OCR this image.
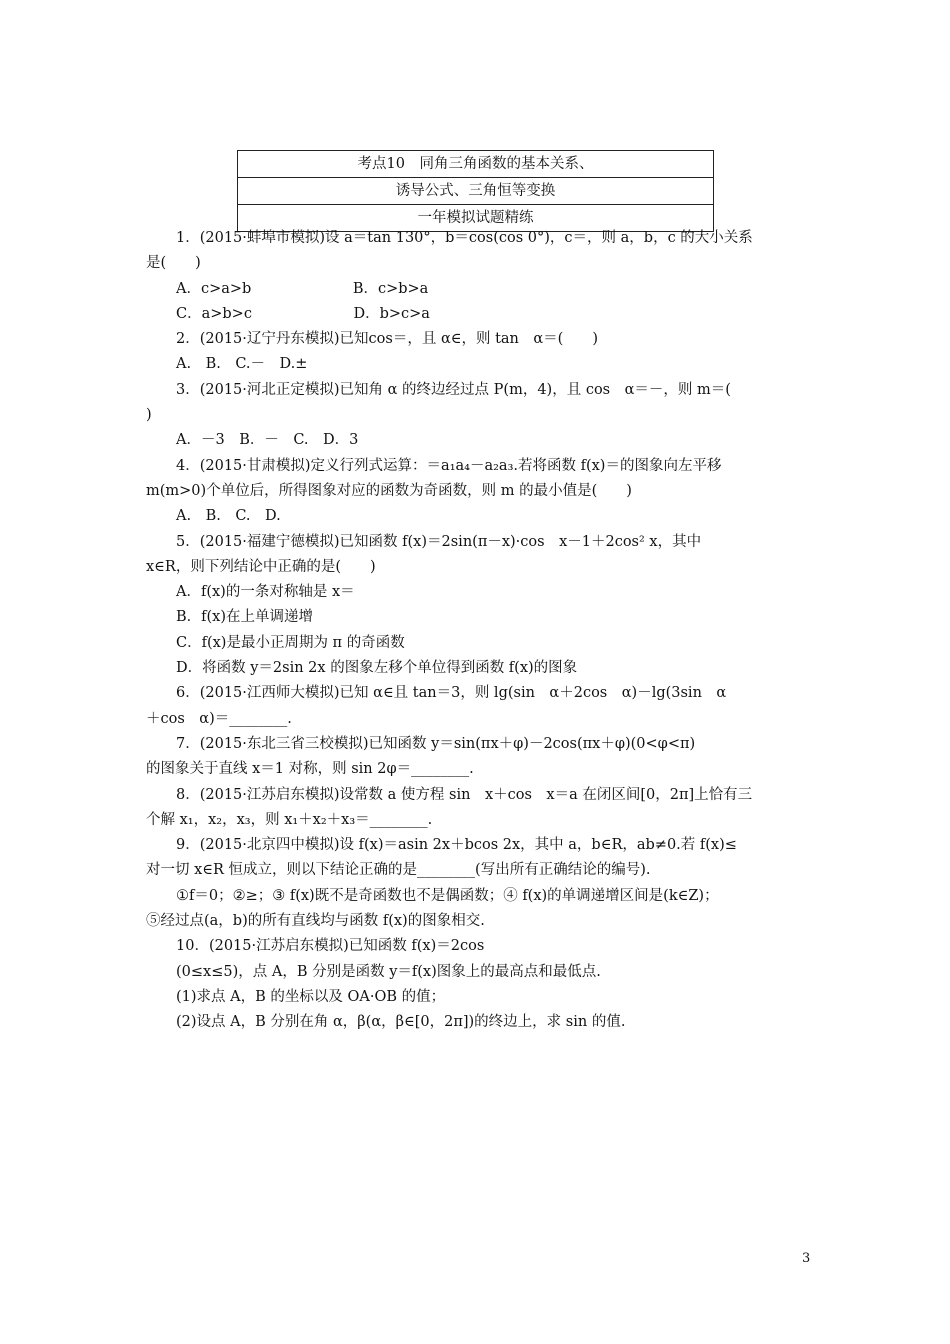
考点10　同角三角函数的基本关系、
诱导公式、三角恒等变换
一年模拟试题精练
1．(2015·蚌埠市模拟)设 a＝tan 130°，b＝cos(cos 0°)，c＝，则 a，b，c 的大小关系
是(　　)
A．c>a>b　　　　　　　B．c>b>a
C．a>b>c　　　　　　　D．b>c>a
2．(2015·辽宁丹东模拟)已知cos＝，且 α∈，则 tan　α＝(　　)
A.　B.　C.－　D.±
3．(2015·河北正定模拟)已知角 α 的终边经过点 P(m，4)，且 cos　α＝－，则 m＝(
)
A．－3　B．－　C.　D．3
4．(2015·甘肃模拟)定义行列式运算：＝a₁a₄－a₂a₃.若将函数 f(x)＝的图象向左平移
m(m>0)个单位后，所得图象对应的函数为奇函数，则 m 的最小值是(　　)
A.　B.　C.　D.
5．(2015·福建宁德模拟)已知函数 f(x)＝2sin(π－x)·cos　x－1＋2cos² x，其中
x∈R，则下列结论中正确的是(　　)
A．f(x)的一条对称轴是 x＝
B．f(x)在上单调递增
C．f(x)是最小正周期为 π 的奇函数
D．将函数 y＝2sin 2x 的图象左移个单位得到函数 f(x)的图象
6．(2015·江西师大模拟)已知 α∈且 tan＝3，则 lg(sin　α＋2cos　α)－lg(3sin　α
＋cos　α)＝________.
7．(2015·东北三省三校模拟)已知函数 y＝sin(πx＋φ)－2cos(πx＋φ)(0<φ<π)
的图象关于直线 x＝1 对称，则 sin 2φ＝________.
8．(2015·江苏启东模拟)设常数 a 使方程 sin　x＋cos　x＝a 在闭区间[0，2π]上恰有三
个解 x₁，x₂，x₃，则 x₁＋x₂＋x₃＝________.
9．(2015·北京四中模拟)设 f(x)＝asin 2x＋bcos 2x，其中 a，b∈R，ab≠0.若 f(x)≤
对一切 x∈R 恒成立，则以下结论正确的是________(写出所有正确结论的编号).
①f＝0；②≥；③ f(x)既不是奇函数也不是偶函数；④ f(x)的单调递增区间是(k∈Z)；
⑤经过点(a，b)的所有直线均与函数 f(x)的图象相交.
10．(2015·江苏启东模拟)已知函数 f(x)＝2cos
(0≤x≤5)，点 A，B 分别是函数 y＝f(x)图象上的最高点和最低点.
(1)求点 A，B 的坐标以及 OA·OB 的值；
(2)设点 A，B 分别在角 α，β(α，β∈[0，2π])的终边上，求 sin 的值.
3
